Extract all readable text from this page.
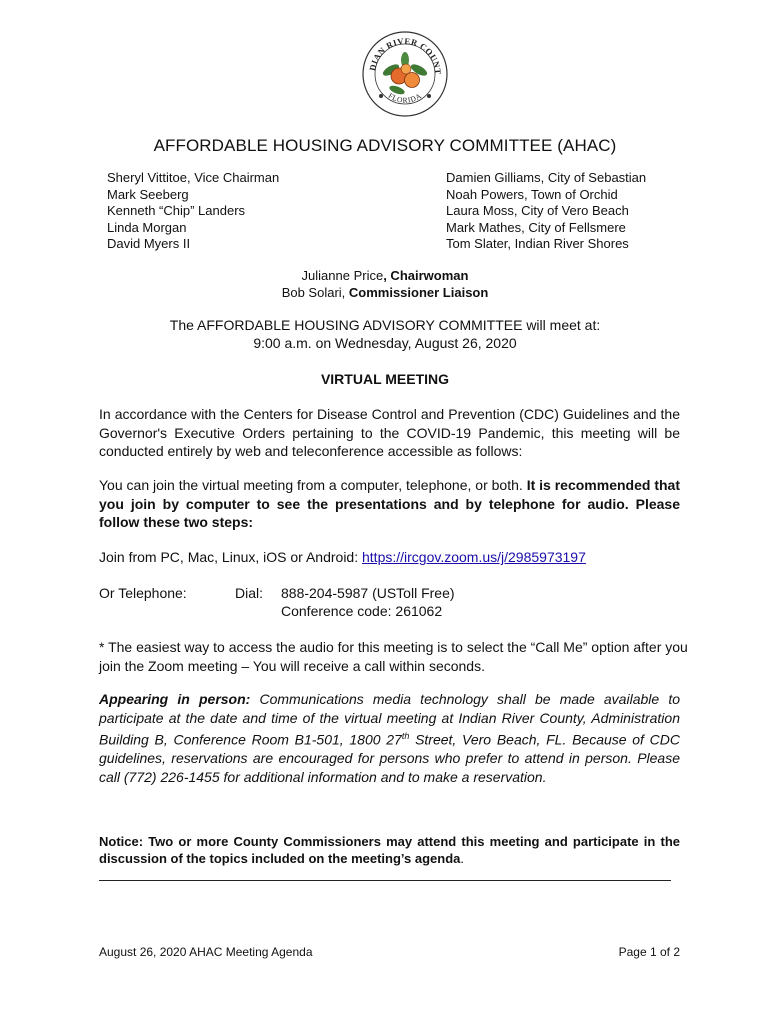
DIAN RIVER COUNT
FLORIDA
AFFORDABLE HOUSING ADVISORY COMMITTEE (AHAC)
Sheryl Vittitoe, Vice Chairman
Mark Seeberg
Kenneth “Chip” Landers
Linda Morgan
David Myers II
Damien Gilliams, City of Sebastian
Noah Powers, Town of Orchid
Laura Moss, City of Vero Beach
Mark Mathes, City of Fellsmere
Tom Slater, Indian River Shores
Julianne Price, Chairwoman
Bob Solari, Commissioner Liaison
The AFFORDABLE HOUSING ADVISORY COMMITTEE will meet at:
9:00 a.m. on Wednesday, August 26, 2020
VIRTUAL MEETING
In accordance with the Centers for Disease Control and Prevention (CDC) Guidelines and the Governor's Executive Orders pertaining to the COVID-19 Pandemic, this meeting will be conducted entirely by web and teleconference accessible as follows:
You can join the virtual meeting from a computer, telephone, or both. It is recommended that you join by computer to see the presentations and by telephone for audio. Please follow these two steps:
Join from PC, Mac, Linux, iOS or Android: https://ircgov.zoom.us/j/2985973197
Or Telephone:	Dial: 888-204-5987 (USToll Free)
Conference code: 261062
* The easiest way to access the audio for this meeting is to select the “Call Me” option after you join the Zoom meeting – You will receive a call within seconds.
Appearing in person: Communications media technology shall be made available to participate at the date and time of the virtual meeting at Indian River County, Administration Building B, Conference Room B1-501, 1800 27th Street, Vero Beach, FL. Because of CDC guidelines, reservations are encouraged for persons who prefer to attend in person. Please call (772) 226-1455 for additional information and to make a reservation.
Notice: Two or more County Commissioners may attend this meeting and participate in the discussion of the topics included on the meeting’s agenda.
August 26, 2020 AHAC Meeting Agenda	Page 1 of 2
